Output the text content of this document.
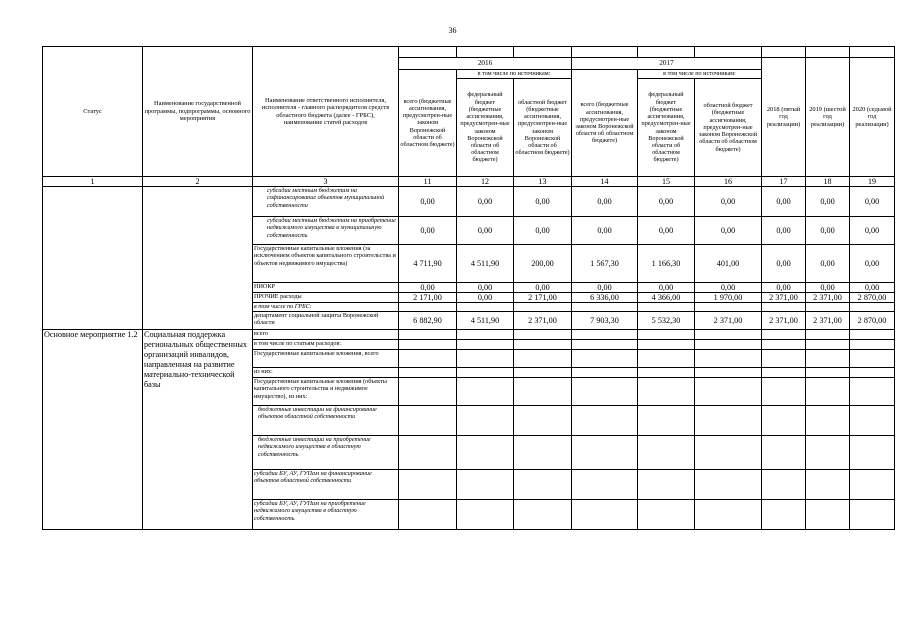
36
Статус	Наименование государственной программы, подпрограммы, основного мероприятия	Наименование ответственного исполнителя, исполнителя - главного распорядителя средств областного бюджета (далее - ГРБС), наименование статей расходов									
			2016			2017			2018 (пятый год реализации)	2019 (шестой год реализации)	2020 (седьмой год реализации)
			всего (бюджетные ассигнования, предусмотрен-ные законом Воронежской области об областном бюджете)	в том числе по источникам:		всего (бюджетные ассигнования, предусмотрен-ные законом Воронежской области об областном бюджете)	в том числе по источникам:				
				федеральный бюджет (бюджетные ассигнования, предусмотрен-ные законом Воронежской области об областном бюджете)	областной бюджет (бюджетные ассигнования, предусмотрен-ные законом Воронежской области об областном бюджете)		федеральный бюджет (бюджетные ассигнования, предусмотрен-ные законом Воронежской области об областном бюджете)	областной бюджет (бюджетные ассигнования, предусмотрен-ные законом Воронежской области об областном бюджете)			
1	2	3	11	12	13	14	15	16	17	18	19
		субсидии местным бюджетам на софинансирование объектов муниципальной собственности	0,00	0,00	0,00	0,00	0,00	0,00	0,00	0,00	0,00
		субсидии местным бюджетам на приобретение недвижимого имущества в муниципальную собственность	0,00	0,00	0,00	0,00	0,00	0,00	0,00	0,00	0,00
		Государственные капитальные вложения (за исключением объектов капитального строительства и объектов недвижимого имущества)	4 711,90	4 511,90	200,00	1 567,30	1 166,30	401,00	0,00	0,00	0,00
		НИОКР	0,00	0,00	0,00	0,00	0,00	0,00	0,00	0,00	0,00
		ПРОЧИЕ расходы	2 171,00	0,00	2 171,00	6 336,00	4 366,00	1 970,00	2 371,00	2 371,00	2 870,00
		в том числе по ГРБС:									
		департамент социальной защиты Воронежской области	6 882,90	4 511,90	2 371,00	7 903,30	5 532,30	2 371,00	2 371,00	2 371,00	2 870,00
Основное мероприятие 1.2	Социальная поддержка региональных общественных организаций инвалидов, направленная на развитие материально-технической базы	всего									
		в том числе по статьям расходов:									
		Государственные капитальные вложения, всего									
		из них:									
		Государственные капитальные вложения (объекты капитального строительства и недвижимое имущество), из них:									
		бюджетные инвестиции на финансирование объектов областной собственности									
		бюджетные инвестиции на приобретение недвижимого имущества в областную собственность									
		субсидии БУ, АУ, ГУПам на финансирование объектов областной собственности									
		субсидии БУ, АУ, ГУПам на приобретение недвижимого имущества в областную собственность									
